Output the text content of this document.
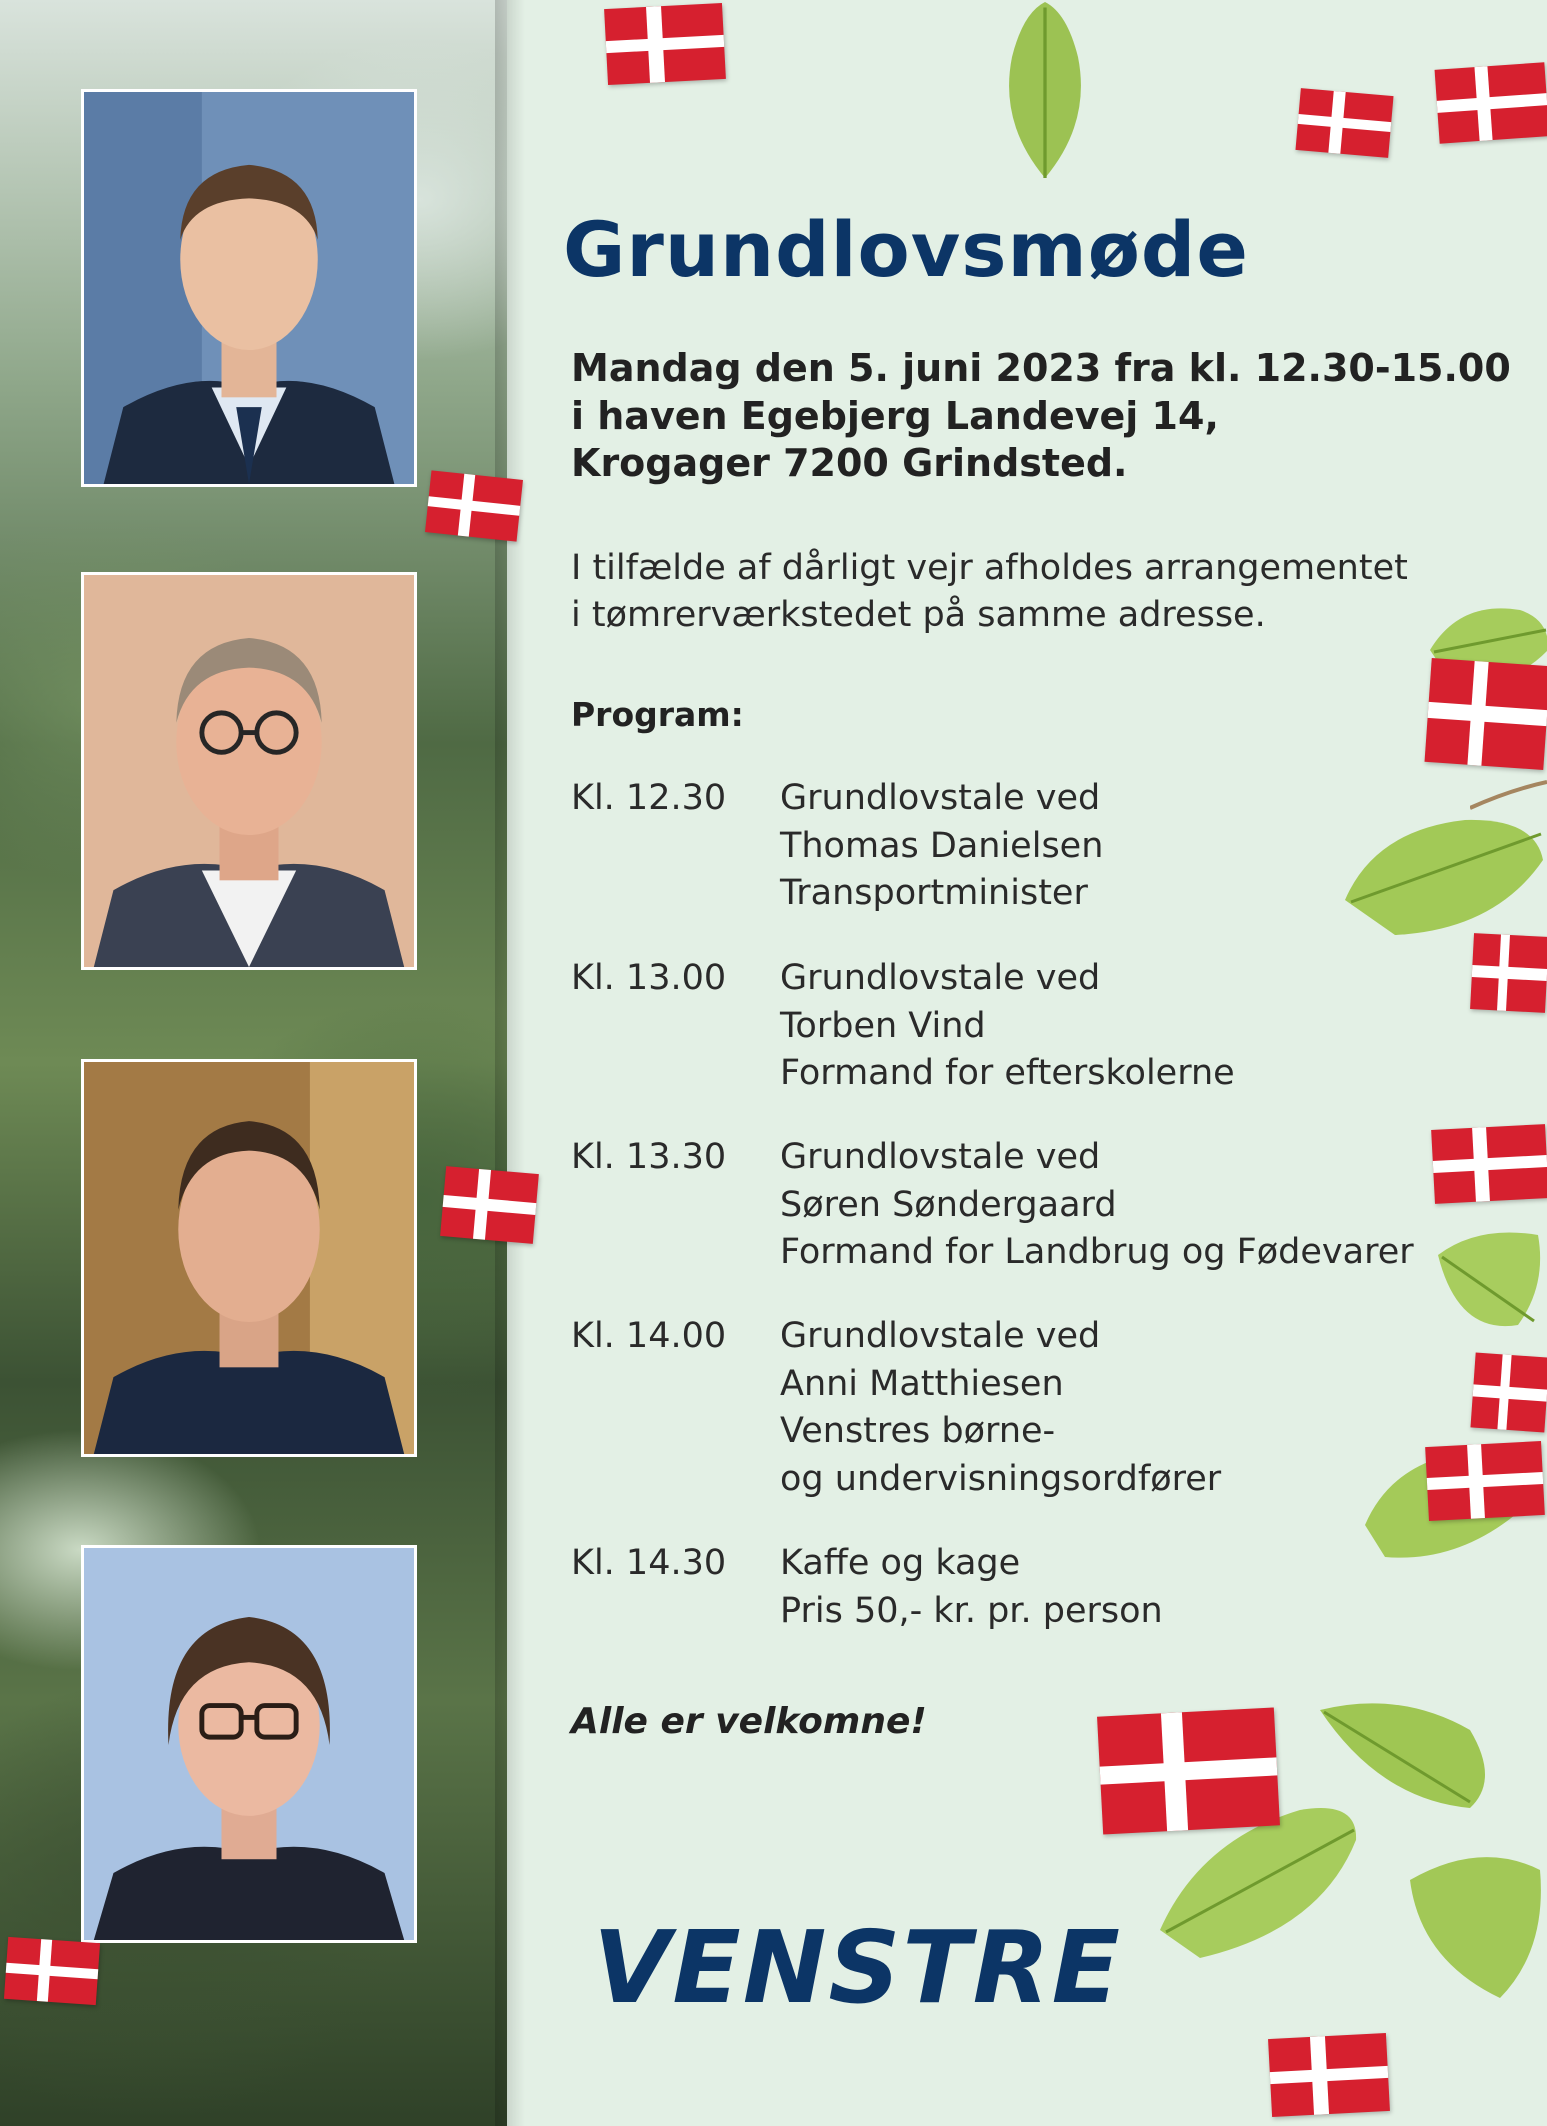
Grundlovsmøde
Mandag den 5. juni 2023 fra kl. 12.30-15.00
i haven Egebjerg Landevej 14,
Krogager 7200 Grindsted.
I tilfælde af dårligt vejr afholdes arrangementet
i tømrerværkstedet på samme adresse.
Program:
Kl. 12.30 Grundlovstale ved
Thomas Danielsen
Transportminister
Kl. 13.00 Grundlovstale ved
Torben Vind
Formand for efterskolerne
Kl. 13.30 Grundlovstale ved
Søren Søndergaard
Formand for Landbrug og Fødevarer
Kl. 14.00 Grundlovstale ved
Anni Matthiesen
Venstres børne-
og undervisningsordfører
Kl. 14.30 Kaffe og kage
Pris 50,- kr. pr. person
Alle er velkomne!
VENSTRE
